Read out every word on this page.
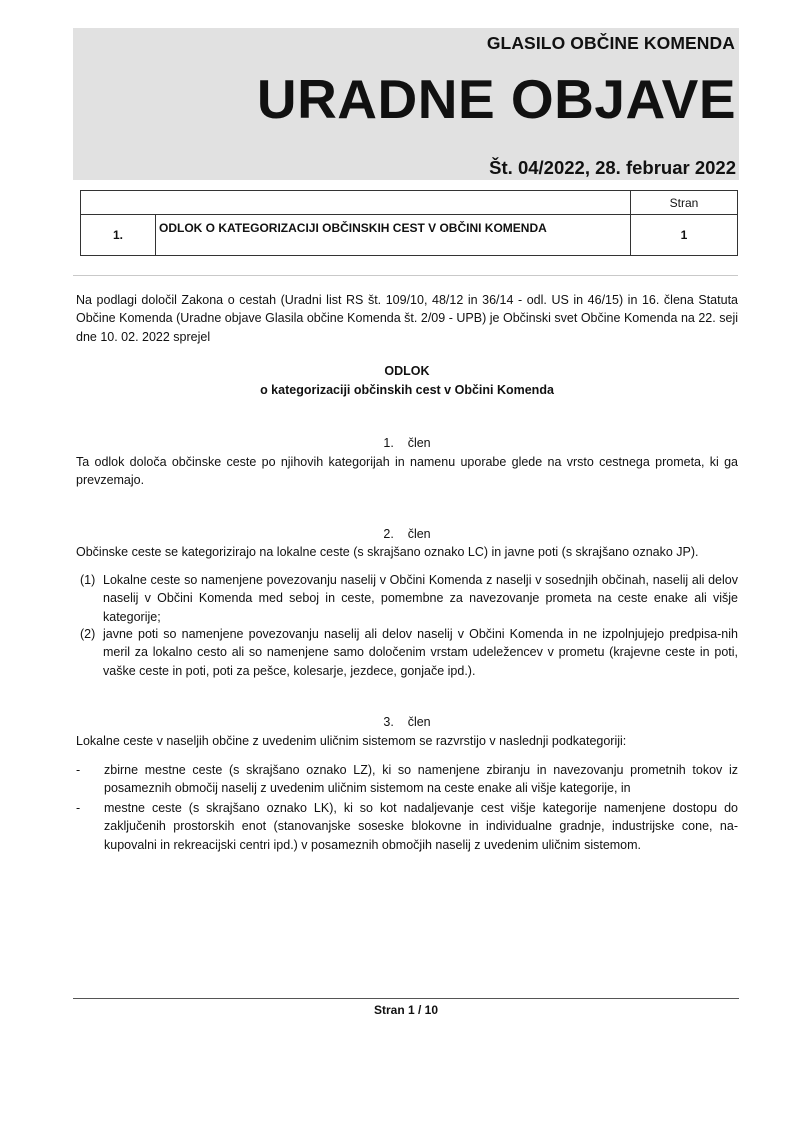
GLASILO OBČINE KOMENDA
URADNE OBJAVE
Št. 04/2022, 28. februar 2022
		Stran
1.	ODLOK O KATEGORIZACIJI OBČINSKIH CEST V OBČINI KOMENDA	1
Na podlagi določil Zakona o cestah (Uradni list RS št. 109/10, 48/12 in 36/14 - odl. US in 46/15) in 16. člena Statuta Občine Komenda (Uradne objave Glasila občine Komenda št. 2/09 - UPB) je Občinski svet Občine Komenda na 22. seji dne 10. 02. 2022 sprejel
ODLOK
o kategorizaciji občinskih cest v Občini Komenda
1.    člen
Ta odlok določa občinske ceste po njihovih kategorijah in namenu uporabe glede na vrsto cestnega prometa, ki ga prevzemajo.
2.    člen
Občinske ceste se kategorizirajo na lokalne ceste (s skrajšano oznako LC) in javne poti (s skrajšano oznako JP).
(1) Lokalne ceste so namenjene povezovanju naselij v Občini Komenda z naselji v sosednjih občinah, naselij ali delov naselij v Občini Komenda med seboj in ceste, pomembne za navezovanje prometa na ceste enake ali višje kategorije;
(2) javne poti so namenjene povezovanju naselij ali delov naselij v Občini Komenda in ne izpolnjujejo predpisa-nih meril za lokalno cesto ali so namenjene samo določenim vrstam udeležencev v prometu (krajevne ceste in poti, vaške ceste in poti, poti za pešce, kolesarje, jezdece, gonjače ipd.).
3.    člen
Lokalne ceste v naseljih občine z uvedenim uličnim sistemom se razvrstijo v naslednji podkategoriji:
-	zbirne mestne ceste (s skrajšano oznako LZ), ki so namenjene zbiranju in navezovanju prometnih tokov iz posameznih območij naselij z uvedenim uličnim sistemom na ceste enake ali višje kategorije, in
-	mestne ceste (s skrajšano oznako LK), ki so kot nadaljevanje cest višje kategorije namenjene dostopu do zaključenih prostorskih enot (stanovanjske soseske blokovne in individualne gradnje, industrijske cone, na-kupovalni in rekreacijski centri ipd.) v posameznih območjih naselij z uvedenim uličnim sistemom.
Stran 1 / 10
